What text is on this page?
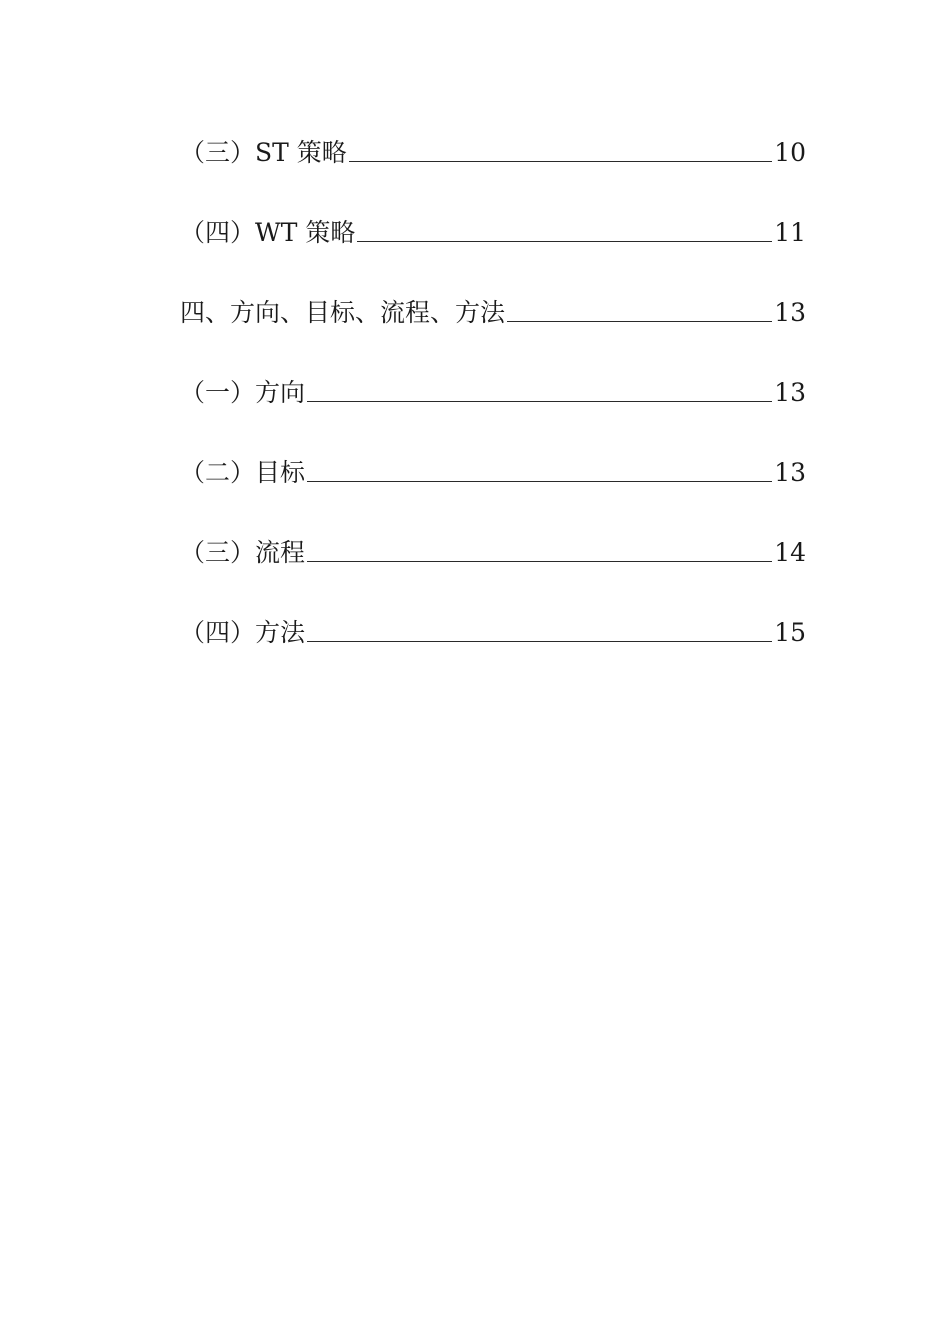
（三）ST 策略	10
（四）WT 策略	11
四、方向、目标、流程、方法	13
（一）方向	13
（二）目标	13
（三）流程	14
（四）方法	15
